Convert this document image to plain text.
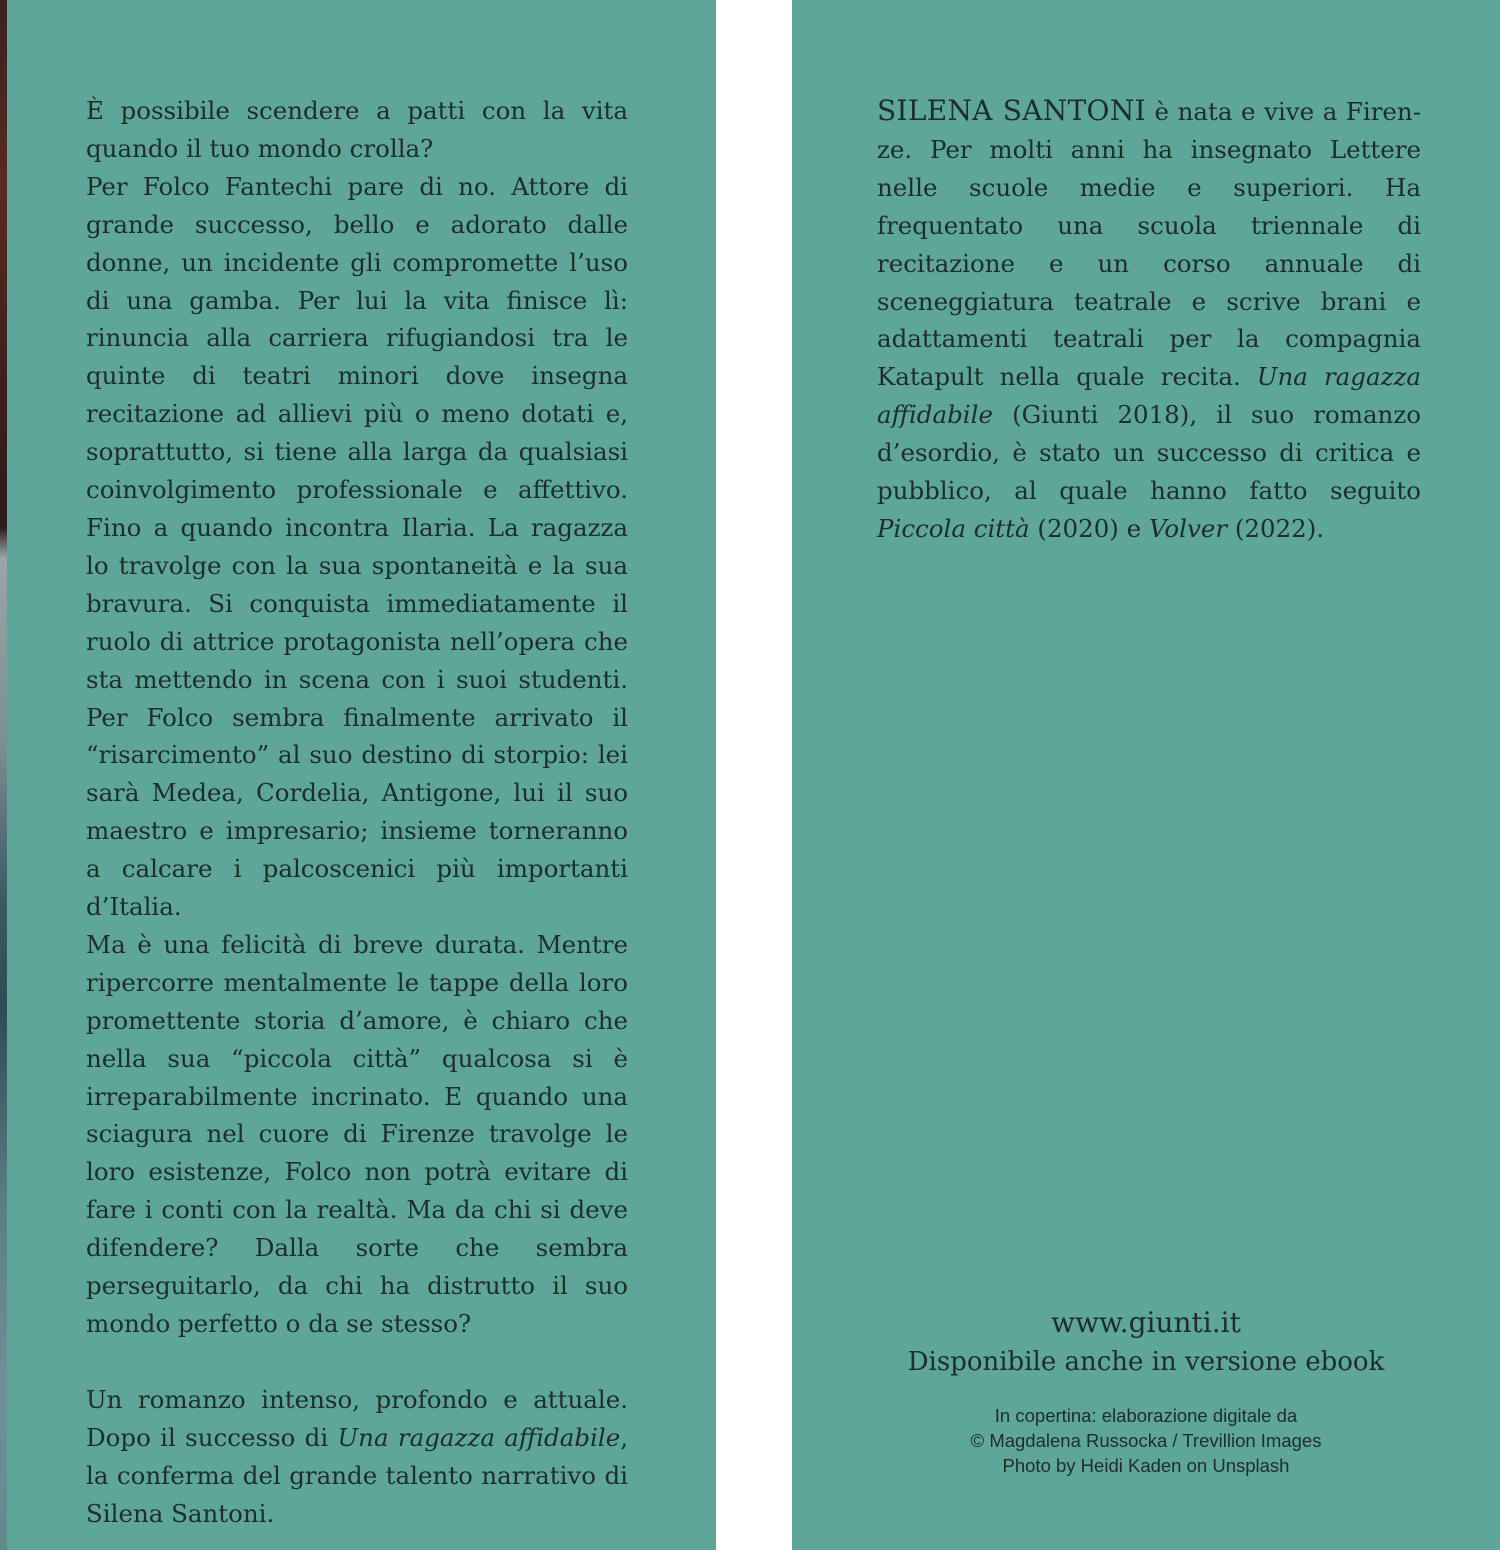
È possibile scendere a patti con la vita quando il tuo mondo crolla?

Per Folco Fantechi pare di no. Attore di grande successo, bello e adorato dalle donne, un incidente gli compromette l’uso di una gamba. Per lui la vita finisce lì: rinuncia alla carriera rifugiandosi tra le quinte di teatri minori dove insegna recitazione ad allievi più o meno dotati e, soprattutto, si tiene alla larga da qualsiasi coinvolgimento professionale e affettivo. Fino a quando incontra Ilaria. La ragazza lo travolge con la sua spontaneità e la sua bravura. Si conquista immediatamente il ruolo di attrice protagonista nell’opera che sta mettendo in scena con i suoi studenti. Per Folco sembra finalmente arrivato il “risarcimento” al suo destino di storpio: lei sarà Medea, Cordelia, Antigone, lui il suo maestro e impresario; insieme torneranno a calcare i palcoscenici più importanti d’Italia.

Ma è una felicità di breve durata. Mentre ripercorre mentalmente le tappe della loro promettente storia d’amore, è chiaro che nella sua “piccola città” qualcosa si è irreparabilmente incrinato. E quando una sciagura nel cuore di Firenze travolge le loro esistenze, Folco non potrà evitare di fare i conti con la realtà. Ma da chi si deve difendere? Dalla sorte che sembra perseguitarlo, da chi ha distrutto il suo mondo perfetto o da se stesso?

Un romanzo intenso, profondo e attuale. Dopo il successo di Una ragazza affidabile, la conferma del grande talento narrativo di Silena Santoni.

SILENA SANTONI è nata e vive a Firenze. Per molti anni ha insegnato Lettere nelle scuole medie e superiori. Ha frequentato una scuola triennale di recitazione e un corso annuale di sceneggiatura teatrale e scrive brani e adattamenti teatrali per la compagnia Katapult nella quale recita. Una ragazza affidabile (Giunti 2018), il suo romanzo d’esordio, è stato un successo di critica e pubblico, al quale hanno fatto seguito Piccola città (2020) e Volver (2022).

www.giunti.it
Disponibile anche in versione ebook
In copertina: elaborazione digitale da
© Magdalena Russocka / Trevillion Images
Photo by Heidi Kaden on Unsplash
